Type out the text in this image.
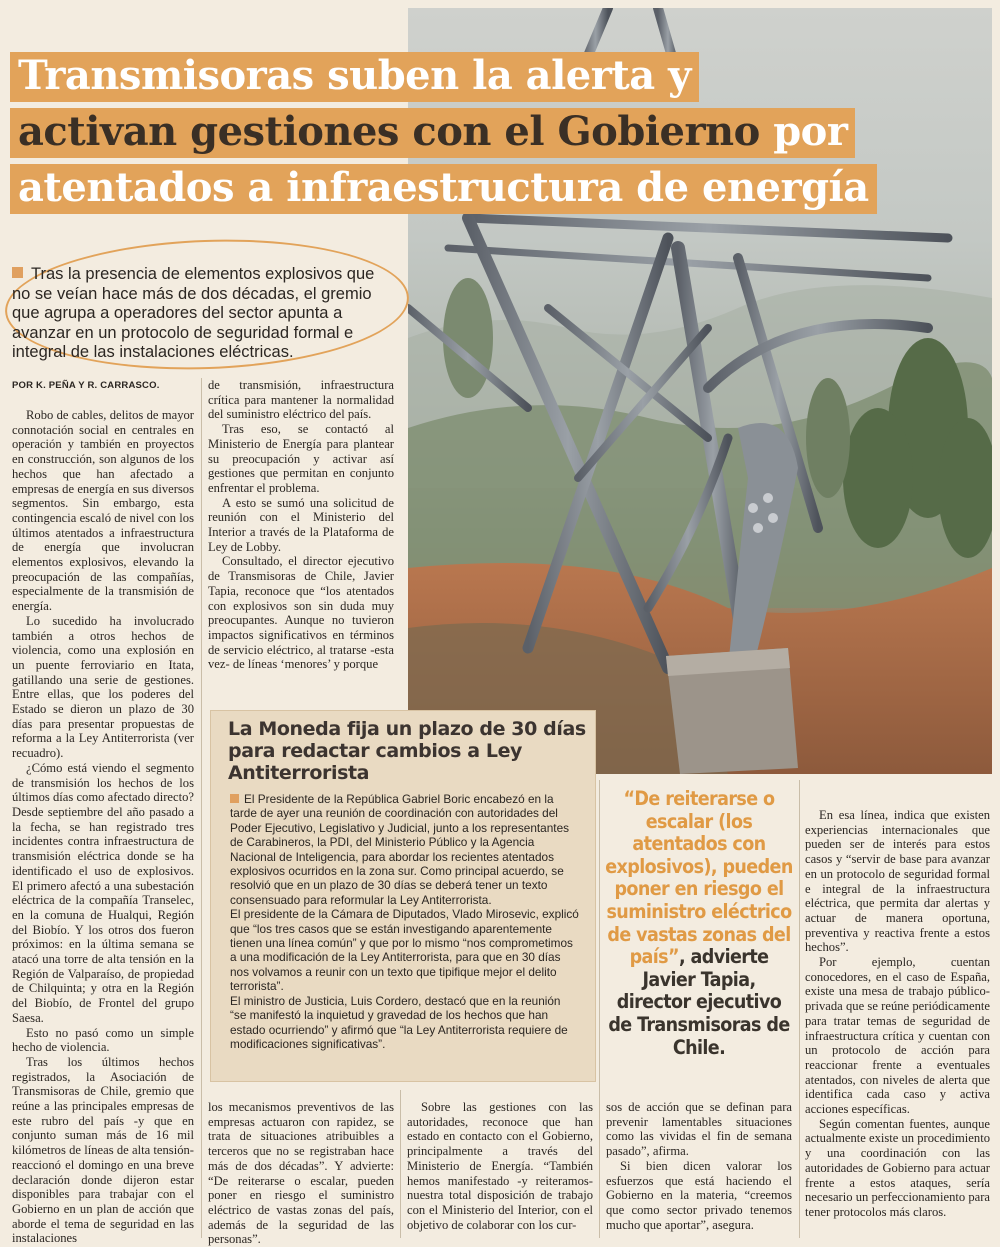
Transmisoras suben la alerta y
activan gestiones con el Gobierno por
atentados a infraestructura de energía
Tras la presencia de elementos explosivos que no se veían hace más de dos décadas, el gremio que agrupa a operadores del sector apunta a avanzar en un protocolo de seguridad formal e integral de las instalaciones eléctricas.
POR K. PEÑA Y R. CARRASCO.

Robo de cables, delitos de mayor connotación social en centrales en operación y también en proyectos en construcción, son algunos de los hechos que han afectado a empresas de energía en sus diversos segmentos. Sin embargo, esta contingencia escaló de nivel con los últimos atentados a infraestructura de energía que involucran elementos explosivos, elevando la preocupación de las compañías, especialmente de la transmisión de energía.

Lo sucedido ha involucrado también a otros hechos de violencia, como una explosión en un puente ferroviario en Itata, gatillando una serie de gestiones. Entre ellas, que los poderes del Estado se dieron un plazo de 30 días para presentar propuestas de reforma a la Ley Antiterrorista (ver recuadro).

¿Cómo está viendo el segmento de transmisión los hechos de los últimos días como afectado directo? Desde septiembre del año pasado a la fecha, se han registrado tres incidentes contra infraestructura de transmisión eléctrica donde se ha identificado el uso de explosivos. El primero afectó a una subestación eléctrica de la compañía Transelec, en la comuna de Hualqui, Región del Biobío. Y los otros dos fueron próximos: en la última semana se atacó una torre de alta tensión en la Región de Valparaíso, de propiedad de Chilquinta; y otra en la Región del Biobío, de Frontel del grupo Saesa.

Esto no pasó como un simple hecho de violencia.

Tras los últimos hechos registrados, la Asociación de Transmisoras de Chile, gremio que reúne a las principales empresas de este rubro del país -y que en conjunto suman más de 16 mil kilómetros de líneas de alta tensión- reaccionó el domingo en una breve declaración donde dijeron estar disponibles para trabajar con el Gobierno en un plan de acción que aborde el tema de seguridad en las instalaciones

de transmisión, infraestructura crítica para mantener la normalidad del suministro eléctrico del país.

Tras eso, se contactó al Ministerio de Energía para plantear su preocupación y activar así gestiones que permitan en conjunto enfrentar el problema.

A esto se sumó una solicitud de reunión con el Ministerio del Interior a través de la Plataforma de Ley de Lobby.

Consultado, el director ejecutivo de Transmisoras de Chile, Javier Tapia, reconoce que “los atentados con explosivos son sin duda muy preocupantes. Aunque no tuvieron impactos significativos en términos de servicio eléctrico, al tratarse -esta vez- de líneas ‘menores’ y porque

La Moneda fija un plazo de 30 días para redactar cambios a Ley Antiterrorista

El Presidente de la República Gabriel Boric encabezó en la tarde de ayer una reunión de coordinación con autoridades del Poder Ejecutivo, Legislativo y Judicial, junto a los representantes de Carabineros, la PDI, del Ministerio Público y la Agencia Nacional de Inteligencia, para abordar los recientes atentados explosivos ocurridos en la zona sur. Como principal acuerdo, se resolvió que en un plazo de 30 días se deberá tener un texto consensuado para reformular la Ley Antiterrorista.

El presidente de la Cámara de Diputados, Vlado Mirosevic, explicó que “los tres casos que se están investigando aparentemente tienen una línea común” y que por lo mismo “nos comprometimos a una modificación de la Ley Antiterrorista, para que en 30 días nos volvamos a reunir con un texto que tipifique mejor el delito terrorista”.

El ministro de Justicia, Luis Cordero, destacó que en la reunión “se manifestó la inquietud y gravedad de los hechos que han estado ocurriendo” y afirmó que “la Ley Antiterrorista requiere de modificaciones significativas”.

“De reiterarse o escalar (los atentados con explosivos), pueden poner en riesgo el suministro eléctrico de vastas zonas del país”, advierte Javier Tapia, director ejecutivo de Transmisoras de Chile.

los mecanismos preventivos de las empresas actuaron con rapidez, se trata de situaciones atribuibles a terceros que no se registraban hace más de dos décadas”. Y advierte: “De reiterarse o escalar, pueden poner en riesgo el suministro eléctrico de vastas zonas del país, además de la seguridad de las personas”.

Sobre las gestiones con las autoridades, reconoce que han estado en contacto con el Gobierno, principalmente a través del Ministerio de Energía. “También hemos manifestado -y reiteramos- nuestra total disposición de trabajo con el Ministerio del Interior, con el objetivo de colaborar con los cur-

sos de acción que se definan para prevenir lamentables situaciones como las vividas el fin de semana pasado”, afirma.

Si bien dicen valorar los esfuerzos que está haciendo el Gobierno en la materia, “creemos que como sector privado tenemos mucho que aportar”, asegura.

En esa línea, indica que existen experiencias internacionales que pueden ser de interés para estos casos y “servir de base para avanzar en un protocolo de seguridad formal e integral de la infraestructura eléctrica, que permita dar alertas y actuar de manera oportuna, preventiva y reactiva frente a estos hechos”.

Por ejemplo, cuentan conocedores, en el caso de España, existe una mesa de trabajo público-privada que se reúne periódicamente para tratar temas de seguridad de infraestructura crítica y cuentan con un protocolo de acción para reaccionar frente a eventuales atentados, con niveles de alerta que identifica cada caso y activa acciones específicas.

Según comentan fuentes, aunque actualmente existe un procedimiento y una coordinación con las autoridades de Gobierno para actuar frente a estos ataques, sería necesario un perfeccionamiento para tener protocolos más claros.
